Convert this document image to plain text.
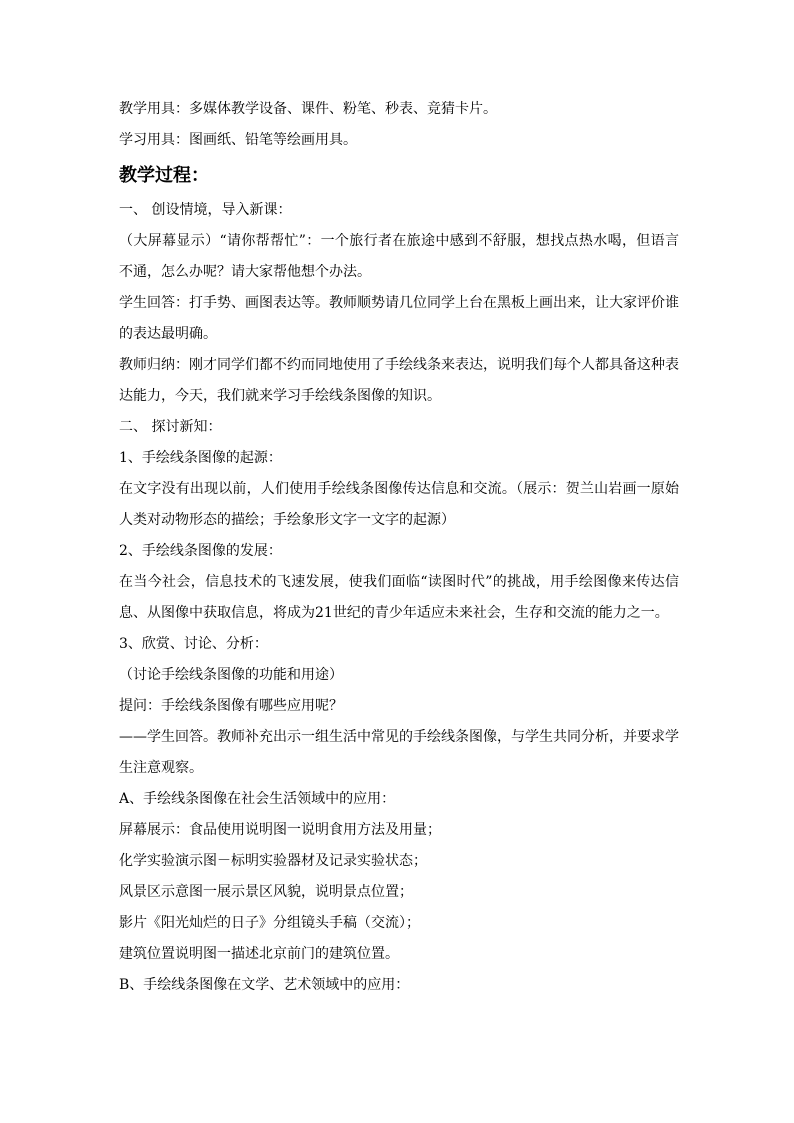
教学用具：多媒体教学设备、课件、粉笔、秒表、竞猜卡片。
学习用具：图画纸、铅笔等绘画用具。
教学过程：
一、 创设情境，导入新课：
（大屏幕显示）“请你帮帮忙”：一个旅行者在旅途中感到不舒服，想找点热水喝，但语言
不通，怎么办呢？请大家帮他想个办法。
学生回答：打手势、画图表达等。教师顺势请几位同学上台在黑板上画出来，让大家评价谁
的表达最明确。
教师归纳：刚才同学们都不约而同地使用了手绘线条来表达，说明我们每个人都具备这种表
达能力，今天，我们就来学习手绘线条图像的知识。
二、 探讨新知：
1、手绘线条图像的起源：
在文字没有出现以前，人们使用手绘线条图像传达信息和交流。（展示：贺兰山岩画一原始
人类对动物形态的描绘；手绘象形文字一文字的起源）
2、手绘线条图像的发展：
在当今社会，信息技术的飞速发展，使我们面临“读图时代”的挑战，用手绘图像来传达信
息、从图像中获取信息，将成为21世纪的青少年适应未来社会，生存和交流的能力之一。
3、欣赏、讨论、分析：
（讨论手绘线条图像的功能和用途）
提问：手绘线条图像有哪些应用呢？
——学生回答。教师补充出示一组生活中常见的手绘线条图像，与学生共同分析，并要求学
生注意观察。
A、手绘线条图像在社会生活领域中的应用：
屏幕展示：食品使用说明图一说明食用方法及用量；
化学实验演示图－标明实验器材及记录实验状态；
风景区示意图一展示景区风貌，说明景点位置；
影片《阳光灿烂的日子》分组镜头手稿（交流）；
建筑位置说明图一描述北京前门的建筑位置。
B、手绘线条图像在文学、艺术领域中的应用：
